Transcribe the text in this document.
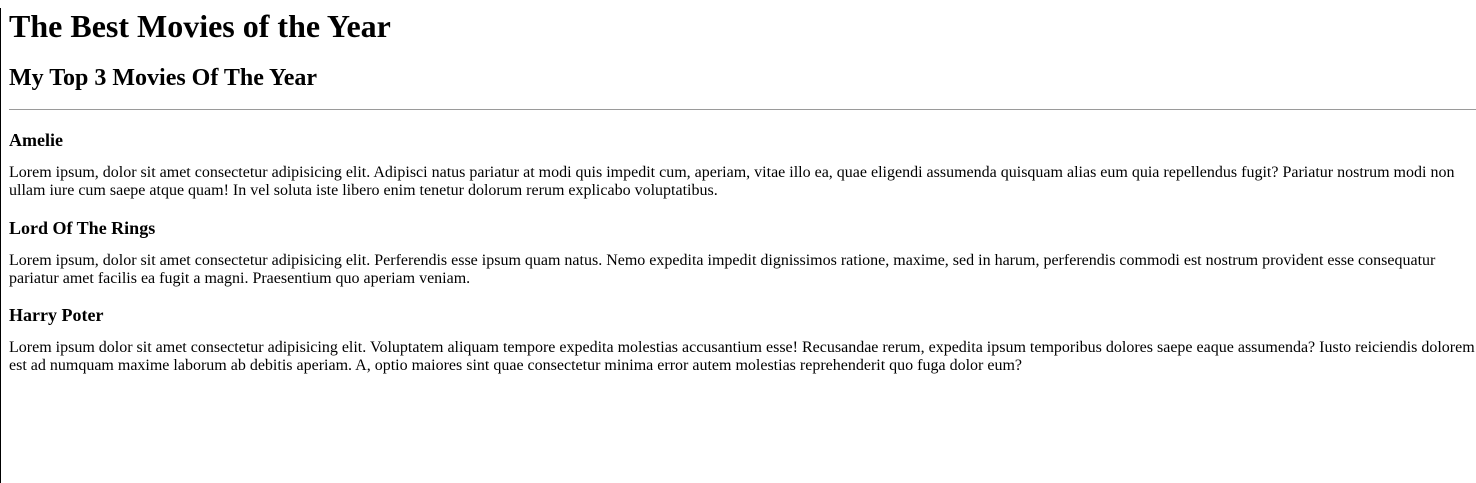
The Best Movies of the Year
My Top 3 Movies Of The Year
Amelie

Lorem ipsum, dolor sit amet consectetur adipisicing elit. Adipisci natus pariatur at modi quis impedit cum, aperiam, vitae illo ea, quae eligendi assumenda quisquam alias eum quia repellendus fugit? Pariatur nostrum modi non ullam iure cum saepe atque quam! In vel soluta iste libero enim tenetur dolorum rerum explicabo voluptatibus.

Lord Of The Rings

Lorem ipsum, dolor sit amet consectetur adipisicing elit. Perferendis esse ipsum quam natus. Nemo expedita impedit dignissimos ratione, maxime, sed in harum, perferendis commodi est nostrum provident esse consequatur pariatur amet facilis ea fugit a magni. Praesentium quo aperiam veniam.

Harry Poter

Lorem ipsum dolor sit amet consectetur adipisicing elit. Voluptatem aliquam tempore expedita molestias accusantium esse! Recusandae rerum, expedita ipsum temporibus dolores saepe eaque assumenda? Iusto reiciendis dolorem est ad numquam maxime laborum ab debitis aperiam. A, optio maiores sint quae consectetur minima error autem molestias reprehenderit quo fuga dolor eum?
